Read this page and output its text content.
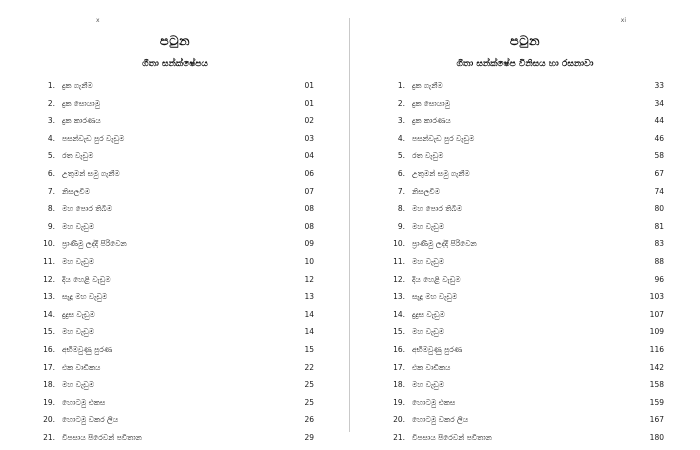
x
පටුන
ගීතා සන්ක්ෂේපය
1. දුක ගැනීම	01
2. දුක සොයාමු	01
3. දුක කාරණය	02
4. පසන්වැඩ පුර වැඩුම	03
5. රත වැඩුම	04
6. උතුමන් සමු ගැනීම	06
7. නිසලවීම	07
8. මහ පොර තිබීම	08
9. මහ වැඩුම	08
10. ප්‍රාණීමු ලද්දි පිරිවෙන	09
11. මහ වැඩුම	10
12. දිය හෙළි වැඩුම	12
13. සැදූ මහ වැඩුම	13
14. දුදුස වැඩුම	14
15. මහ වැඩුම	14
16. අභිමවුණු පුරණ	15
17. එක වාඩිකය	22
18. මහ වැඩුම	25
19. හොටමු එකස	25
20. හොටමු වකර ලිය	26
21. විපසාය පිරෙවන් පවිතාන	29
xi
පටුන
ගීතා සන්ක්ෂේප විනිසය හා රසනාවා
1. දුක ගැනීම	33
2. දුක සොයාමු	34
3. දුක කාරණය	44
4. පසන්වැඩ පුර වැඩුම	46
5. රත වැඩුම	58
6. උතුමන් සමු ගැනීම	67
7. නිසලවීම	74
8. මහ පොර තිබීම	80
9. මහ වැඩුම	81
10. ප්‍රාණීමු ලද්දි පිරිවෙන	83
11. මහ වැඩුම	88
12. දිය හෙළි වැඩුම	96
13. සැදූ මහ වැඩුම	103
14. දුදුස වැඩුම	107
15. මහ වැඩුම	109
16. අභිමවුණු පුරණ	116
17. එක වාඩිකය	142
18. මහ වැඩුම	158
19. හොටමු එකස	159
20. හොටමු වකර ලිය	167
21. විපසාය පිරෙවන් පවිතාන	180
